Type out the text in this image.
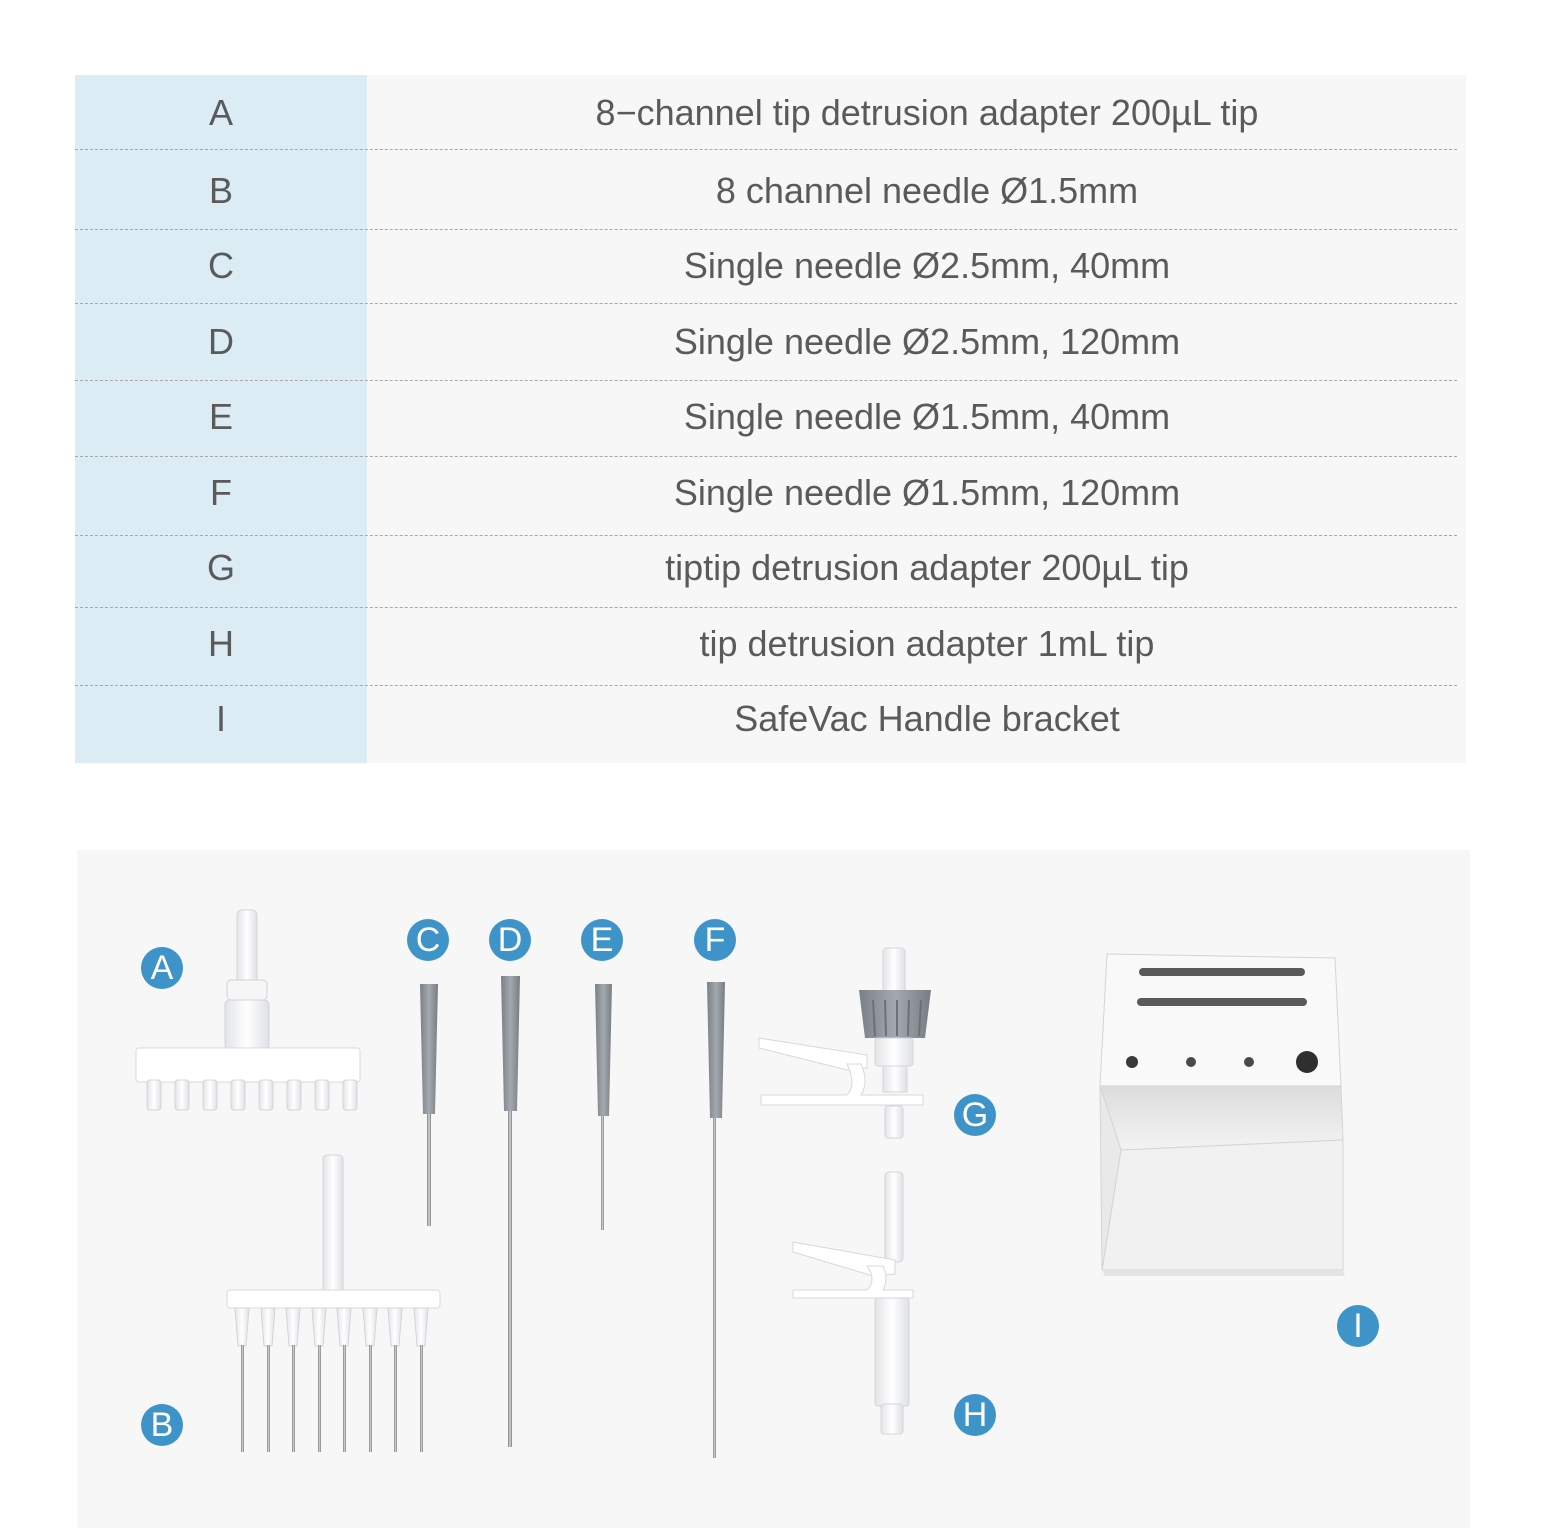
A	8−channel tip detrusion adapter 200µL tip
B	8 channel needle Ø1.5mm
C	Single needle Ø2.5mm, 40mm
D	Single needle Ø2.5mm, 120mm
E	Single needle Ø1.5mm, 40mm
F	Single needle Ø1.5mm, 120mm
G	tiptip detrusion adapter 200µL tip
H	tip detrusion adapter 1mL tip
I	SafeVac Handle bracket
A
B
C D E	F
G
H
I
